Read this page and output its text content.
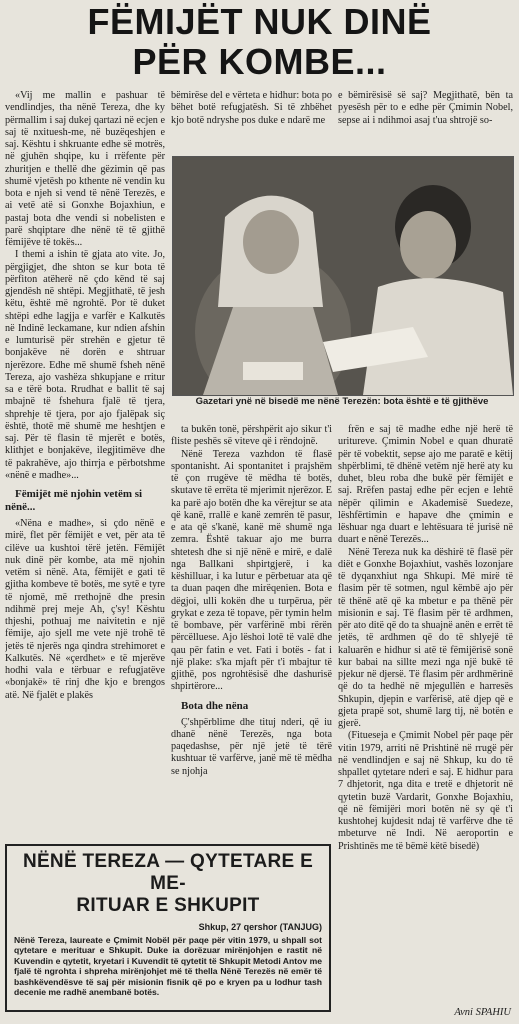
FËMIJËT NUK DINË
PËR KOMBE...

«Vij me mallin e pashuar të vendlindjes, tha nënë Tereza, dhe ky përmallim i saj dukej qartazi në ecjen e saj të nxituesh-me, në buzëqeshjen e saj. Kështu i shkruante edhe së motrës, në gjuhën shqipe, ku i rrëfente për zhuritjen e thellë dhe gëzimin që pas shumë vjetësh po kthente në vendin ku bota e njeh si vend të nënë Terezës, e ai vetë atë si Gonxhe Bojaxhiun, e pastaj bota dhe vendi si nobelisten e parë shqiptare dhe nënë të të gjithë fëmijëve të tokës...

I themi a ishin të gjata ato vite. Jo, përgjigjet, dhe shton se kur bota të përfiton atëherë në çdo kënd të saj gjendësh në shtëpi. Megjithatë, të jesh këtu, është më ngrohtë. Por të duket shtëpi edhe lagjja e varfër e Kalkutës në Indinë leckamane, kur ndien afshin e lumturisë për strehën e gjetur të bonjakëve në dorën e shtruar njerëzore. Edhe më shumë fsheh nënë Tereza, ajo vashëza shkupjane e rritur sa e tërë bota. Rrudhat e ballit të saj mbajnë të fshehura fjalë të tjera, shprehje të tjera, por ajo fjalëpak siç është, thotë më shumë me heshtjen e saj. Për të flasin të mjerët e botës, klithjet e bonjakëve, ilegjitimëve dhe të pakrahëve, ajo thirrja e përbotshme «nënë e madhe»...

Fëmijët më njohin vetëm si nënë...

«Nëna e madhe», si çdo nënë e mirë, flet për fëmijët e vet, për ata të cilëve ua kushtoi tërë jetën. Fëmijët nuk dinë për kombe, ata më njohin vetëm si nënë. Ata, fëmijët e gati të gjitha kombeve të botës, me sytë e tyre të njomë, më rrethojnë dhe presin ndihmë prej meje Ah, ç'sy! Kështu thjeshi, pothuaj me naivitetin e një fëmije, ajo sjell me vete një trohë të jetës të njerës nga qindra strehimoret e Kalkutës. Në «çerdhet» e të mjerëve hodhi vala e tërbuar e refugjatëve «bonjakë» të rinj dhe kjo e brengos atë. Në fjalët e plakës

bëmirëse del e vërteta e hidhur: bota po bëhet botë refugjatësh. Si të zhbëhet kjo botë ndryshe pos duke e ndarë me

e bëmirësisë së saj? Megjithatë, bën ta pyesësh për to e edhe për Çmimin Nobel, sepse ai i ndihmoi asaj t'ua shtrojë so-

Gazetari ynë në bisedë me nënë Terezën: bota është e të gjithëve

ta bukën tonë, përshpërit ajo sikur t'i fliste peshës së viteve që i rëndojnë.

Nënë Tereza vazhdon të flasë spontanisht. Ai spontanitet i prajshëm të çon rrugëve të mëdha të botës, skutave të errëta të mjerimit njerëzor. E ka parë ajo botën dhe ka vërejtur se ata që kanë, rrallë e kanë zemrën të pasur, e ata që s'kanë, kanë më shumë nga zemra. Është takuar ajo me burra shtetesh dhe si një nënë e mirë, e dalë nga Ballkani shpirtgjerë, i ka këshilluar, i ka lutur e përbetuar ata që ta duan paqen dhe mirëqenien. Bota e dëgjoi, ulli kokën dhe u turpërua, për grykat e zeza të topave, për tymin helm të bombave, për varfërinë mbi rërën përcëlluese. Ajo lëshoi lotë të valë dhe qau për fatin e vet. Fati i botës - fat i një plake: s'ka mjaft për t'i mbajtur të gjithë, pos ngrohtësisë dhe dashurisë shpirtërore...

Bota dhe nëna

Ç'shpërblime dhe tituj nderi, që iu dhanë nënë Terezës, nga bota paqedashse, për një jetë të tërë kushtuar të varfërve, janë më të mëdha se njohja

frën e saj të madhe edhe një herë të uritureve. Çmimin Nobel e quan dhuratë për të vobektit, sepse ajo me paratë e këtij shpërblimi, të dhënë vetëm një herë aty ku duhet, bleu roba dhe bukë për fëmijët e saj. Rrëfen pastaj edhe për ecjen e lehtë nëpër qilimin e Akademisë Suedeze, lëshfërtimin e hapave dhe çmimin e lëshuar nga duart e lehtësuara të jurisë në duart e nënë Terezës...

Nënë Tereza nuk ka dëshirë të flasë për diët e Gonxhe Bojaxhiut, vashës lozonjare të dyqanxhiut nga Shkupi. Më mirë të flasim për të sotmen, ngul këmbë ajo për të thënë atë që ka mbetur e pa thënë për misionin e saj. Të flasim për të ardhmen, për ato ditë që do ta shuajnë anën e errët të jetës, të ardhmen që do të shlyejë të kaluarën e hidhur si atë të fëmijërisë sonë kur babai na sillte mezi nga një bukë të pjekur në djersë. Të flasim për ardhmërinë që do ta hedhë në mjegullën e harresës Shkupin, djepin e varfërisë, atë djep që e gjeta prapë sot, shumë larg tij, në botën e gjerë.

(Fitueseja e Çmimit Nobel për paqe për vitin 1979, arriti në Prishtinë në rrugë për në vendlindjen e saj në Shkup, ku do të shpallet qytetare nderi e saj. E hidhur para 7 dhjetorit, nga dita e tretë e dhjetorit në qytetin buzë Vardarit, Gonxhe Bojaxhiu, që në fëmijëri mori botën në sy që t'i kushtohej kujdesit ndaj të varfërve dhe të mbeturve në Indi. Në aeroportin e Prishtinës me të bëmë këtë bisedë)

NËNË TEREZA — QYTETARE E ME-
RITUAR E SHKUPIT
Shkup, 27 qershor (TANJUG)
Nënë Tereza, laureate e Çmimit Nobël për paqe për vitin 1979, u shpall sot qytetare e merituar e Shkupit. Duke ia dorëzuar mirënjohjen e rastit në Kuvendin e qytetit, kryetari i Kuvendit të qytetit të Shkupit Metodi Antov me fjalë të ngrohta i shpreha mirënjohjet më të thella Nënë Terezës në emër të bashkëvendësve të saj për misionin fisnik që po e kryen pa u lodhur tash decenie me radhë anembanë botës.
Avni SPAHIU
